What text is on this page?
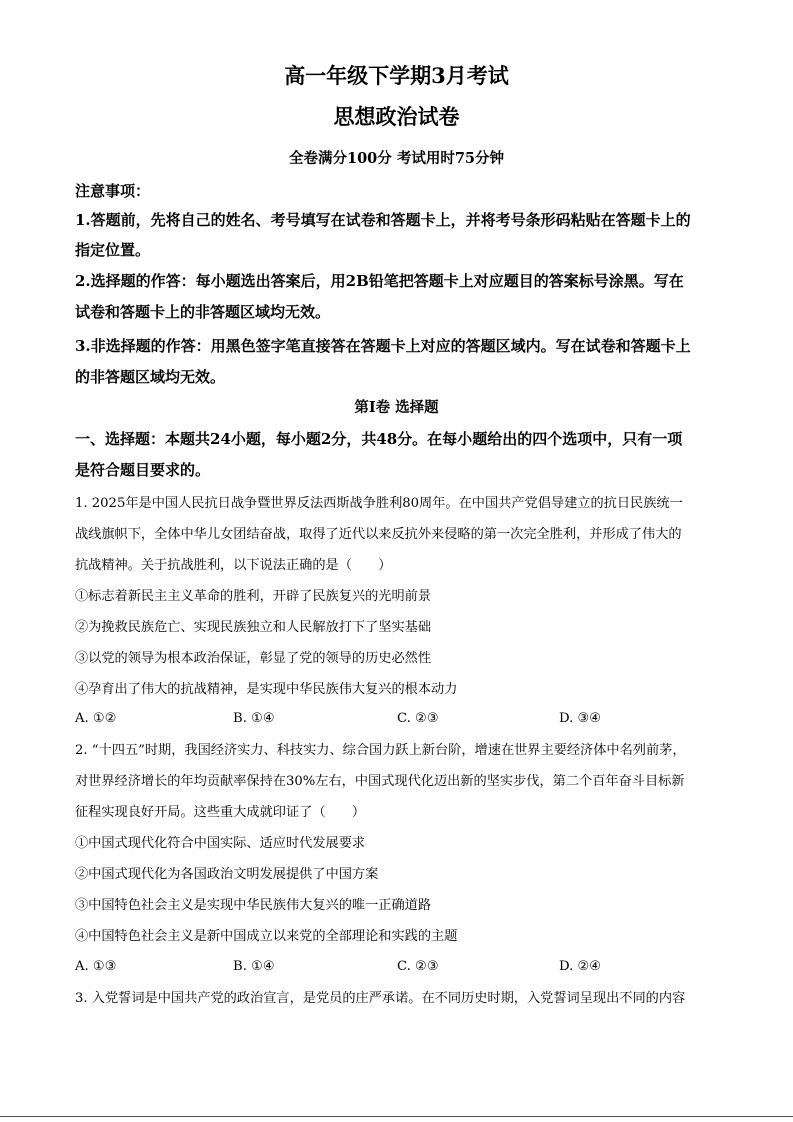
高一年级下学期3月考试
思想政治试卷
全卷满分100分 考试用时75分钟
注意事项：
1.答题前，先将自己的姓名、考号填写在试卷和答题卡上，并将考号条形码粘贴在答题卡上的
指定位置。
2.选择题的作答：每小题选出答案后，用2B铅笔把答题卡上对应题目的答案标号涂黑。写在
试卷和答题卡上的非答题区域均无效。
3.非选择题的作答：用黑色签字笔直接答在答题卡上对应的答题区域内。写在试卷和答题卡上
的非答题区域均无效。
第Ⅰ卷 选择题
一、选择题：本题共24小题，每小题2分，共48分。在每小题给出的四个选项中，只有一项
是符合题目要求的。
1. 2025年是中国人民抗日战争暨世界反法西斯战争胜利80周年。在中国共产党倡导建立的抗日民族统一
战线旗帜下，全体中华儿女团结奋战，取得了近代以来反抗外来侵略的第一次完全胜利，并形成了伟大的
抗战精神。关于抗战胜利，以下说法正确的是（　　）
①标志着新民主主义革命的胜利，开辟了民族复兴的光明前景
②为挽救民族危亡、实现民族独立和人民解放打下了坚实基础
③以党的领导为根本政治保证，彰显了党的领导的历史必然性
④孕育出了伟大的抗战精神，是实现中华民族伟大复兴的根本动力
A. ①②	B. ①④	C. ②③	D. ③④
2. “十四五”时期，我国经济实力、科技实力、综合国力跃上新台阶，增速在世界主要经济体中名列前茅，
对世界经济增长的年均贡献率保持在30%左右，中国式现代化迈出新的坚实步伐，第二个百年奋斗目标新
征程实现良好开局。这些重大成就印证了（　　）
①中国式现代化符合中国实际、适应时代发展要求
②中国式现代化为各国政治文明发展提供了中国方案
③中国特色社会主义是实现中华民族伟大复兴的唯一正确道路
④中国特色社会主义是新中国成立以来党的全部理论和实践的主题
A. ①③	B. ①④	C. ②③	D. ②④
3. 入党誓词是中国共产党的政治宣言，是党员的庄严承诺。在不同历史时期，入党誓词呈现出不同的内容
